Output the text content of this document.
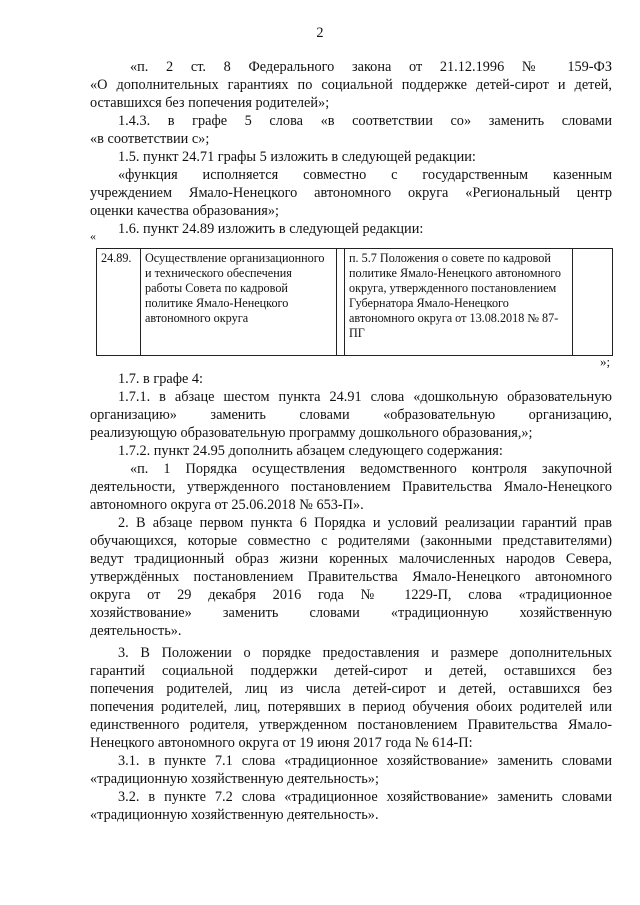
2
«п. 2 ст. 8 Федерального закона от 21.12.1996 № 159-ФЗ
«О дополнительных гарантиях по социальной поддержке детей-сирот и детей,
оставшихся без попечения родителей»;
1.4.3. в графе 5 слова «в соответствии со» заменить словами
«в соответствии с»;
1.5. пункт 24.71 графы 5 изложить в следующей редакции:
«функция исполняется совместно с государственным казенным
учреждением Ямало-Ненецкого автономного округа «Региональный центр
оценки качества образования»;
1.6. пункт 24.89 изложить в следующей редакции:
«
24.89.	Осуществление организационного и технического обеспечения работы Совета по кадровой политике Ямало-Ненецкого автономного округа		п. 5.7 Положения о совете по кадровой политике Ямало-Ненецкого автономного округа, утвержденного постановлением Губернатора Ямало-Ненецкого автономного округа от 13.08.2018 № 87-ПГ	
»;
1.7. в графе 4:
1.7.1. в абзаце шестом пункта 24.91 слова «дошкольную образовательную
организацию» заменить словами «образовательную организацию,
реализующую образовательную программу дошкольного образования,»;
1.7.2. пункт 24.95 дополнить абзацем следующего содержания:
«п. 1 Порядка осуществления ведомственного контроля закупочной
деятельности, утвержденного постановлением Правительства Ямало-Ненецкого
автономного округа от 25.06.2018 № 653-П».
2. В абзаце первом пункта 6 Порядка и условий реализации гарантий прав
обучающихся, которые совместно с родителями (законными представителями)
ведут традиционный образ жизни коренных малочисленных народов Севера,
утверждённых постановлением Правительства Ямало-Ненецкого автономного
округа от 29 декабря 2016 года № 1229-П, слова «традиционное
хозяйствование» заменить словами «традиционную хозяйственную
деятельность».
3. В Положении о порядке предоставления и размере дополнительных
гарантий социальной поддержки детей-сирот и детей, оставшихся без
попечения родителей, лиц из числа детей-сирот и детей, оставшихся без
попечения родителей, лиц, потерявших в период обучения обоих родителей или
единственного родителя, утвержденном постановлением Правительства Ямало-
Ненецкого автономного округа от 19 июня 2017 года № 614-П:
3.1. в пункте 7.1 слова «традиционное хозяйствование» заменить словами
«традиционную хозяйственную деятельность»;
3.2. в пункте 7.2 слова «традиционное хозяйствование» заменить словами
«традиционную хозяйственную деятельность».
